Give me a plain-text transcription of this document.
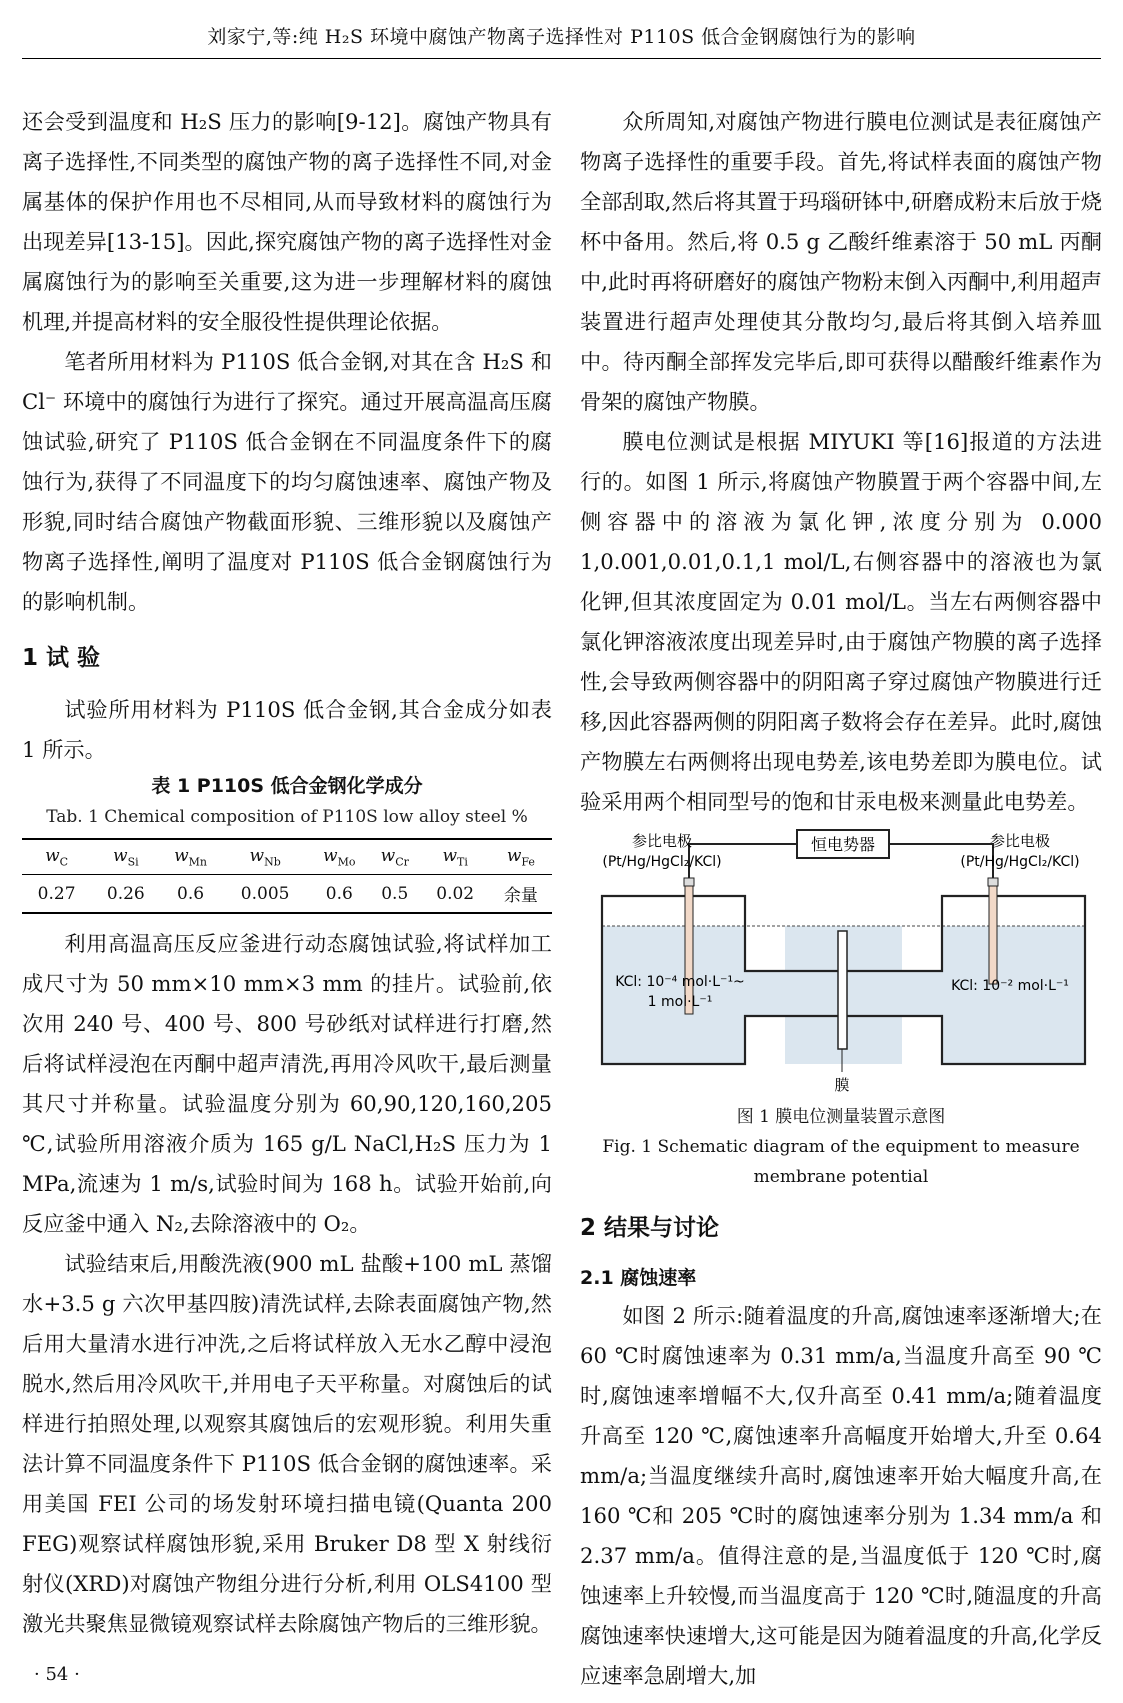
刘家宁,等:纯 H₂S 环境中腐蚀产物离子选择性对 P110S 低合金钢腐蚀行为的影响

还会受到温度和 H₂S 压力的影响[9-12]。腐蚀产物具有离子选择性,不同类型的腐蚀产物的离子选择性不同,对金属基体的保护作用也不尽相同,从而导致材料的腐蚀行为出现差异[13-15]。因此,探究腐蚀产物的离子选择性对金属腐蚀行为的影响至关重要,这为进一步理解材料的腐蚀机理,并提高材料的安全服役性提供理论依据。

笔者所用材料为 P110S 低合金钢,对其在含 H₂S 和 Cl⁻ 环境中的腐蚀行为进行了探究。通过开展高温高压腐蚀试验,研究了 P110S 低合金钢在不同温度条件下的腐蚀行为,获得了不同温度下的均匀腐蚀速率、腐蚀产物及形貌,同时结合腐蚀产物截面形貌、三维形貌以及腐蚀产物离子选择性,阐明了温度对 P110S 低合金钢腐蚀行为的影响机制。

1 试 验

试验所用材料为 P110S 低合金钢,其合金成分如表 1 所示。

表 1 P110S 低合金钢化学成分
Tab. 1 Chemical composition of P110S low alloy steel %
$w_C$	$w_{Si}$	$w_{Mn}$	$w_{Nb}$	$w_{Mo}$	$w_{Cr}$	$w_{Ti}$	$w_{Fe}$
0.27	0.26	0.6	0.005	0.6	0.5	0.02	余量

利用高温高压反应釜进行动态腐蚀试验,将试样加工成尺寸为 50 mm×10 mm×3 mm 的挂片。试验前,依次用 240 号、400 号、800 号砂纸对试样进行打磨,然后将试样浸泡在丙酮中超声清洗,再用冷风吹干,最后测量其尺寸并称量。试验温度分别为 60,90,120,160,205 ℃,试验所用溶液介质为 165 g/L NaCl,H₂S 压力为 1 MPa,流速为 1 m/s,试验时间为 168 h。试验开始前,向反应釜中通入 N₂,去除溶液中的 O₂。

试验结束后,用酸洗液(900 mL 盐酸+100 mL 蒸馏水+3.5 g 六次甲基四胺)清洗试样,去除表面腐蚀产物,然后用大量清水进行冲洗,之后将试样放入无水乙醇中浸泡脱水,然后用冷风吹干,并用电子天平称量。对腐蚀后的试样进行拍照处理,以观察其腐蚀后的宏观形貌。利用失重法计算不同温度条件下 P110S 低合金钢的腐蚀速率。采用美国 FEI 公司的场发射环境扫描电镜(Quanta 200 FEG)观察试样腐蚀形貌,采用 Bruker D8 型 X 射线衍射仪(XRD)对腐蚀产物组分进行分析,利用 OLS4100 型激光共聚焦显微镜观察试样去除腐蚀产物后的三维形貌。

众所周知,对腐蚀产物进行膜电位测试是表征腐蚀产物离子选择性的重要手段。首先,将试样表面的腐蚀产物全部刮取,然后将其置于玛瑙研钵中,研磨成粉末后放于烧杯中备用。然后,将 0.5 g 乙酸纤维素溶于 50 mL 丙酮中,此时再将研磨好的腐蚀产物粉末倒入丙酮中,利用超声装置进行超声处理使其分散均匀,最后将其倒入培养皿中。待丙酮全部挥发完毕后,即可获得以醋酸纤维素作为骨架的腐蚀产物膜。

膜电位测试是根据 MIYUKI 等[16]报道的方法进行的。如图 1 所示,将腐蚀产物膜置于两个容器中间,左侧容器中的溶液为氯化钾,浓度分别为 0.000 1,0.001,0.01,0.1,1 mol/L,右侧容器中的溶液也为氯化钾,但其浓度固定为 0.01 mol/L。当左右两侧容器中氯化钾溶液浓度出现差异时,由于腐蚀产物膜的离子选择性,会导致两侧容器中的阴阳离子穿过腐蚀产物膜进行迁移,因此容器两侧的阴阳离子数将会存在差异。此时,腐蚀产物膜左右两侧将出现电势差,该电势差即为膜电位。试验采用两个相同型号的饱和甘汞电极来测量此电势差。

恒电势器
参比电极
(Pt/Hg/HgCl₂/KCl)
参比电极
(Pt/Hg/HgCl₂/KCl)
KCl: 10⁻⁴ mol·L⁻¹~
1 mol·L⁻¹
KCl: 10⁻² mol·L⁻¹
膜
图 1 膜电位测量装置示意图
Fig. 1 Schematic diagram of the equipment to measure
membrane potential
2 结果与讨论
2.1 腐蚀速率

如图 2 所示:随着温度的升高,腐蚀速率逐渐增大;在 60 ℃时腐蚀速率为 0.31 mm/a,当温度升高至 90 ℃时,腐蚀速率增幅不大,仅升高至 0.41 mm/a;随着温度升高至 120 ℃,腐蚀速率升高幅度开始增大,升至 0.64 mm/a;当温度继续升高时,腐蚀速率开始大幅度升高,在 160 ℃和 205 ℃时的腐蚀速率分别为 1.34 mm/a 和 2.37 mm/a。值得注意的是,当温度低于 120 ℃时,腐蚀速率上升较慢,而当温度高于 120 ℃时,随温度的升高腐蚀速率快速增大,这可能是因为随着温度的升高,化学反应速率急剧增大,加

· 54 ·
